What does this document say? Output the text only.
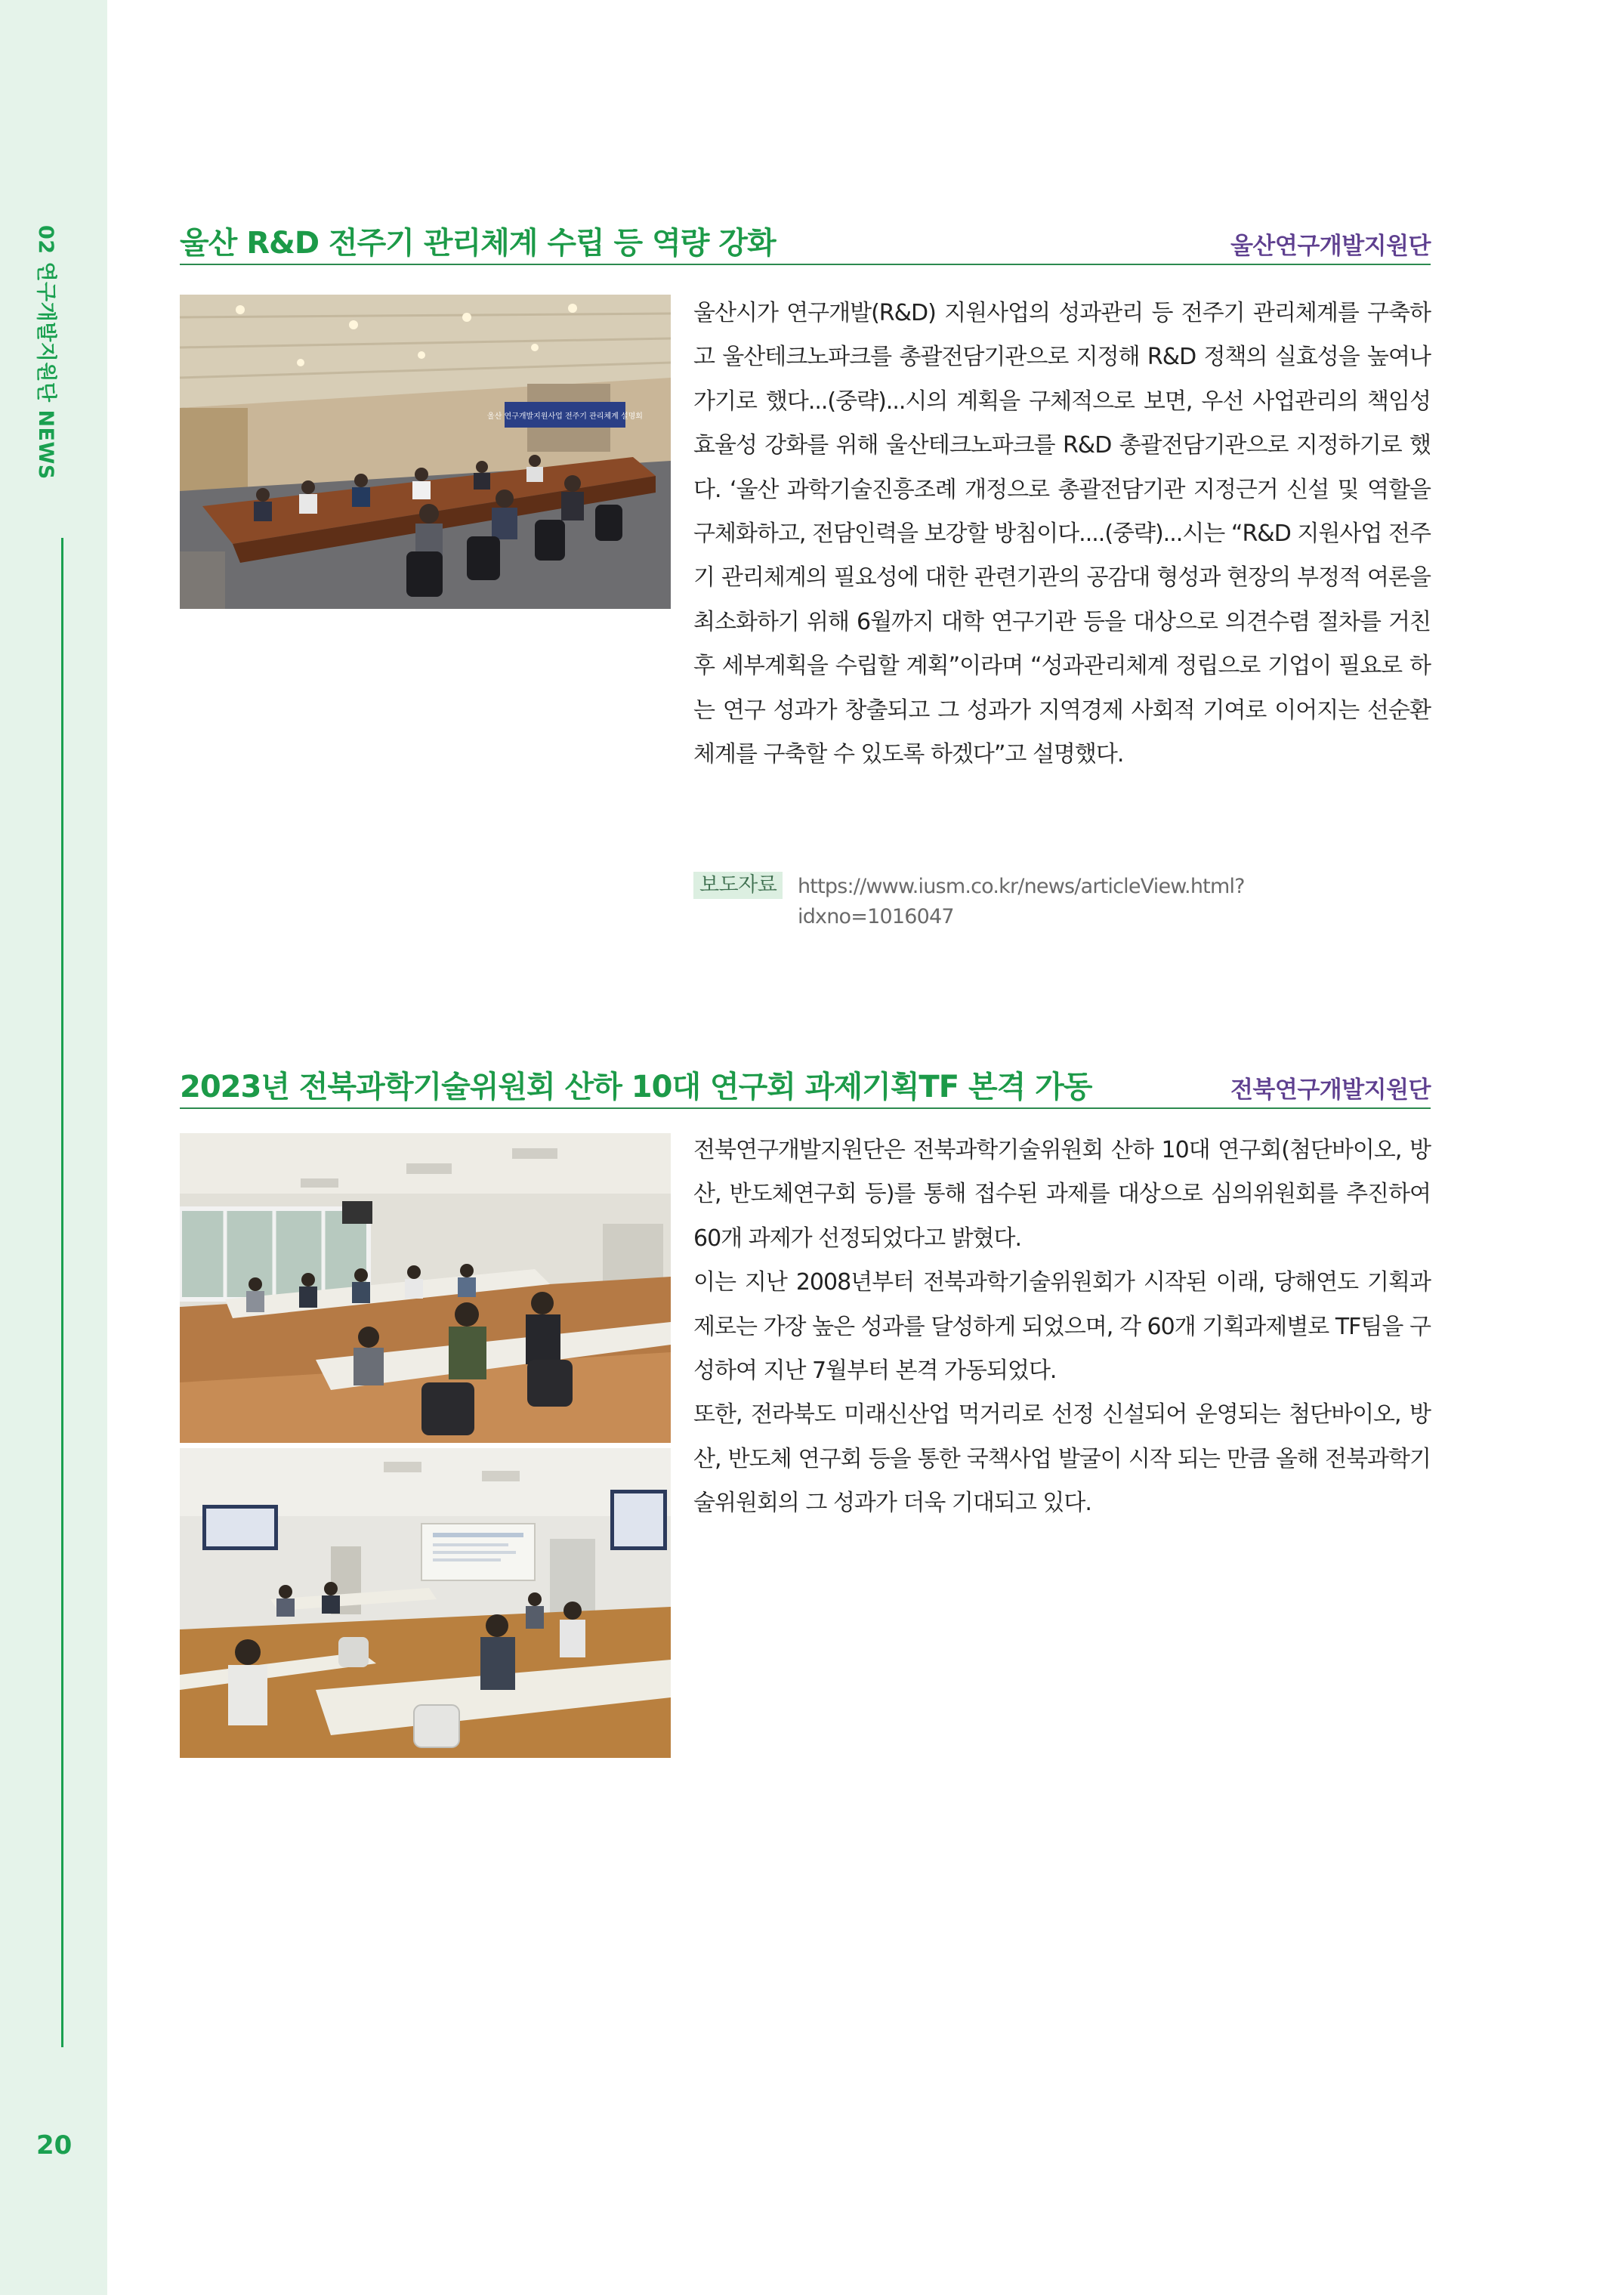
02 연구개발지원단 NEWS
20
울산 R&D 전주기 관리체계 수립 등 역량 강화	울산연구개발지원단
울산 연구개발지원사업 전주기 관리체계 설명회

울산시가 연구개발(R&D) 지원사업의 성과관리 등 전주기 관리체계를 구축하고 울산테크노파크를 총괄전담기관으로 지정해 R&D 정책의 실효성을 높여나가기로 했다...(중략)...시의 계획을 구체적으로 보면, 우선 사업관리의 책임성 효율성 강화를 위해 울산테크노파크를 R&D 총괄전담기관으로 지정하기로 했다. ‘울산 과학기술진흥조례 개정으로 총괄전담기관 지정근거 신설 및 역할을 구체화하고, 전담인력을 보강할 방침이다....(중략)...시는 “R&D 지원사업 전주기 관리체계의 필요성에 대한 관련기관의 공감대 형성과 현장의 부정적 여론을 최소화하기 위해 6월까지 대학 연구기관 등을 대상으로 의견수렴 절차를 거친 후 세부계획을 수립할 계획”이라며 “성과관리체계 정립으로 기업이 필요로 하는 연구 성과가 창출되고 그 성과가 지역경제 사회적 기여로 이어지는 선순환 체계를 구축할 수 있도록 하겠다”고 설명했다.

보도자료 https://www.iusm.co.kr/news/articleView.html?idxno=1016047
2023년 전북과학기술위원회 산하 10대 연구회 과제기획TF 본격 가동	전북연구개발지원단

전북연구개발지원단은 전북과학기술위원회 산하 10대 연구회(첨단바이오, 방산, 반도체연구회 등)를 통해 접수된 과제를 대상으로 심의위원회를 추진하여 60개 과제가 선정되었다고 밝혔다.

이는 지난 2008년부터 전북과학기술위원회가 시작된 이래, 당해연도 기획과제로는 가장 높은 성과를 달성하게 되었으며, 각 60개 기획과제별로 TF팀을 구성하여 지난 7월부터 본격 가동되었다.

또한, 전라북도 미래신산업 먹거리로 선정 신설되어 운영되는 첨단바이오, 방산, 반도체 연구회 등을 통한 국책사업 발굴이 시작 되는 만큼 올해 전북과학기술위원회의 그 성과가 더욱 기대되고 있다.
